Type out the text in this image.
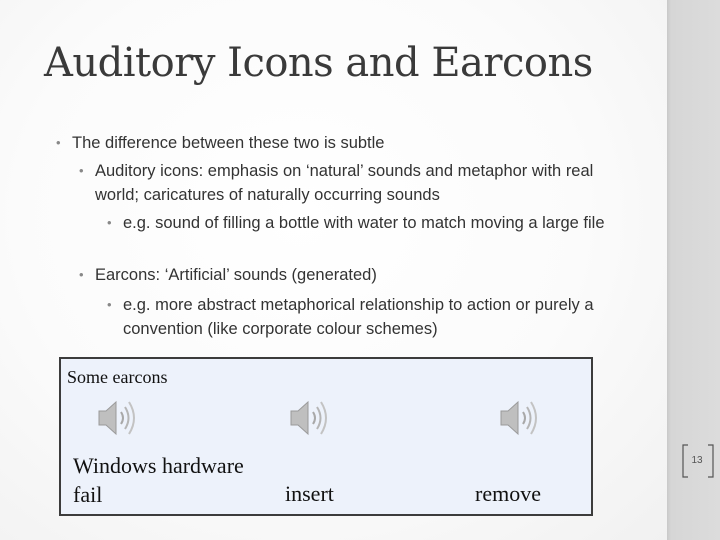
Auditory Icons and Earcons
• The difference between these two is subtle
• Auditory icons: emphasis on ‘natural’ sounds and metaphor with real world; caricatures of naturally occurring sounds
• e.g. sound of filling a bottle with water to match moving a large file
• Earcons: ‘Artificial’ sounds (generated)
• e.g. more abstract metaphorical relationship to action or purely a convention (like corporate colour schemes)
Some earcons
Windows hardware fail	insert	remove
13
